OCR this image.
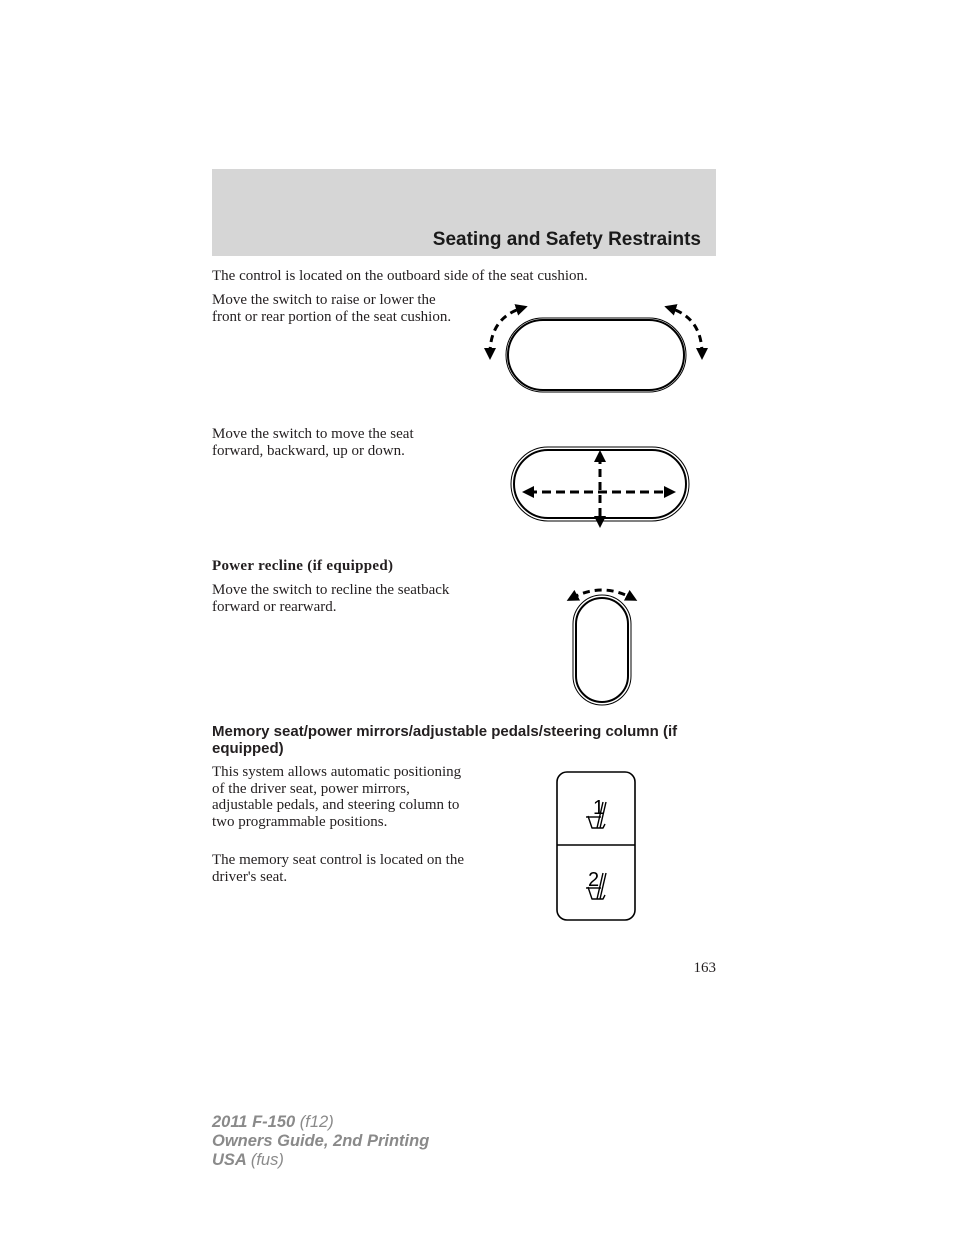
Seating and Safety Restraints
The control is located on the outboard side of the seat cushion.
Move the switch to raise or lower the front or rear portion of the seat cushion.
Move the switch to move the seat forward, backward, up or down.
Power recline (if equipped)
Move the switch to recline the seatback forward or rearward.
Memory seat/power mirrors/adjustable pedals/steering column (if equipped)
This system allows automatic positioning of the driver seat, power mirrors, adjustable pedals, and steering column to two programmable positions.
The memory seat control is located on the driver's seat.
1
2
163
2011 F-150 (f12)
Owners Guide, 2nd Printing
USA (fus)
